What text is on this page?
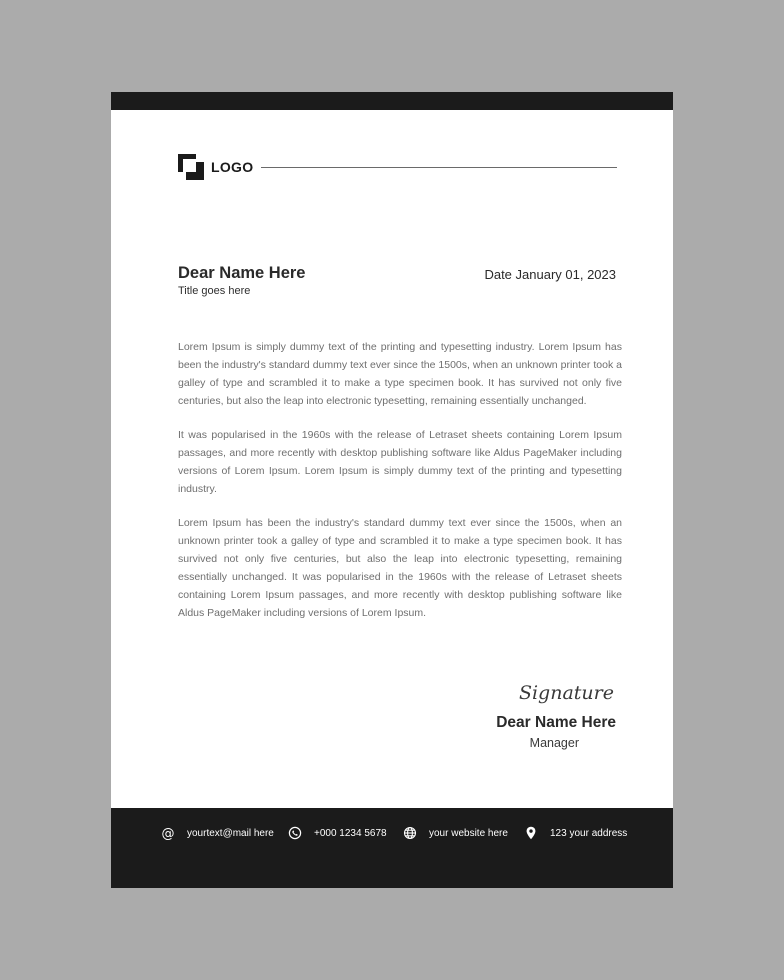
LOGO
Dear Name Here
Title goes here
Date January 01, 2023

Lorem Ipsum is simply dummy text of the printing and typesetting industry. Lorem Ipsum has been the industry's standard dummy text ever since the 1500s, when an unknown printer took a galley of type and scrambled it to make a type specimen book. It has survived not only five centuries, but also the leap into electronic typesetting, remaining essentially unchanged.

It was popularised in the 1960s with the release of Letraset sheets containing Lorem Ipsum passages, and more recently with desktop publishing software like Aldus PageMaker including versions of Lorem Ipsum. Lorem Ipsum is simply dummy text of the printing and typesetting industry.

Lorem Ipsum has been the industry's standard dummy text ever since the 1500s, when an unknown printer took a galley of type and scrambled it to make a type specimen book. It has survived not only five centuries, but also the leap into electronic typesetting, remaining essentially unchanged. It was popularised in the 1960s with the release of Letraset sheets containing Lorem Ipsum passages, and more recently with desktop publishing software like Aldus PageMaker including versions of Lorem Ipsum.

Signature
Dear Name Here
Manager
@ yourtext@mail here	+000 1234 5678	your website here	123 your address
